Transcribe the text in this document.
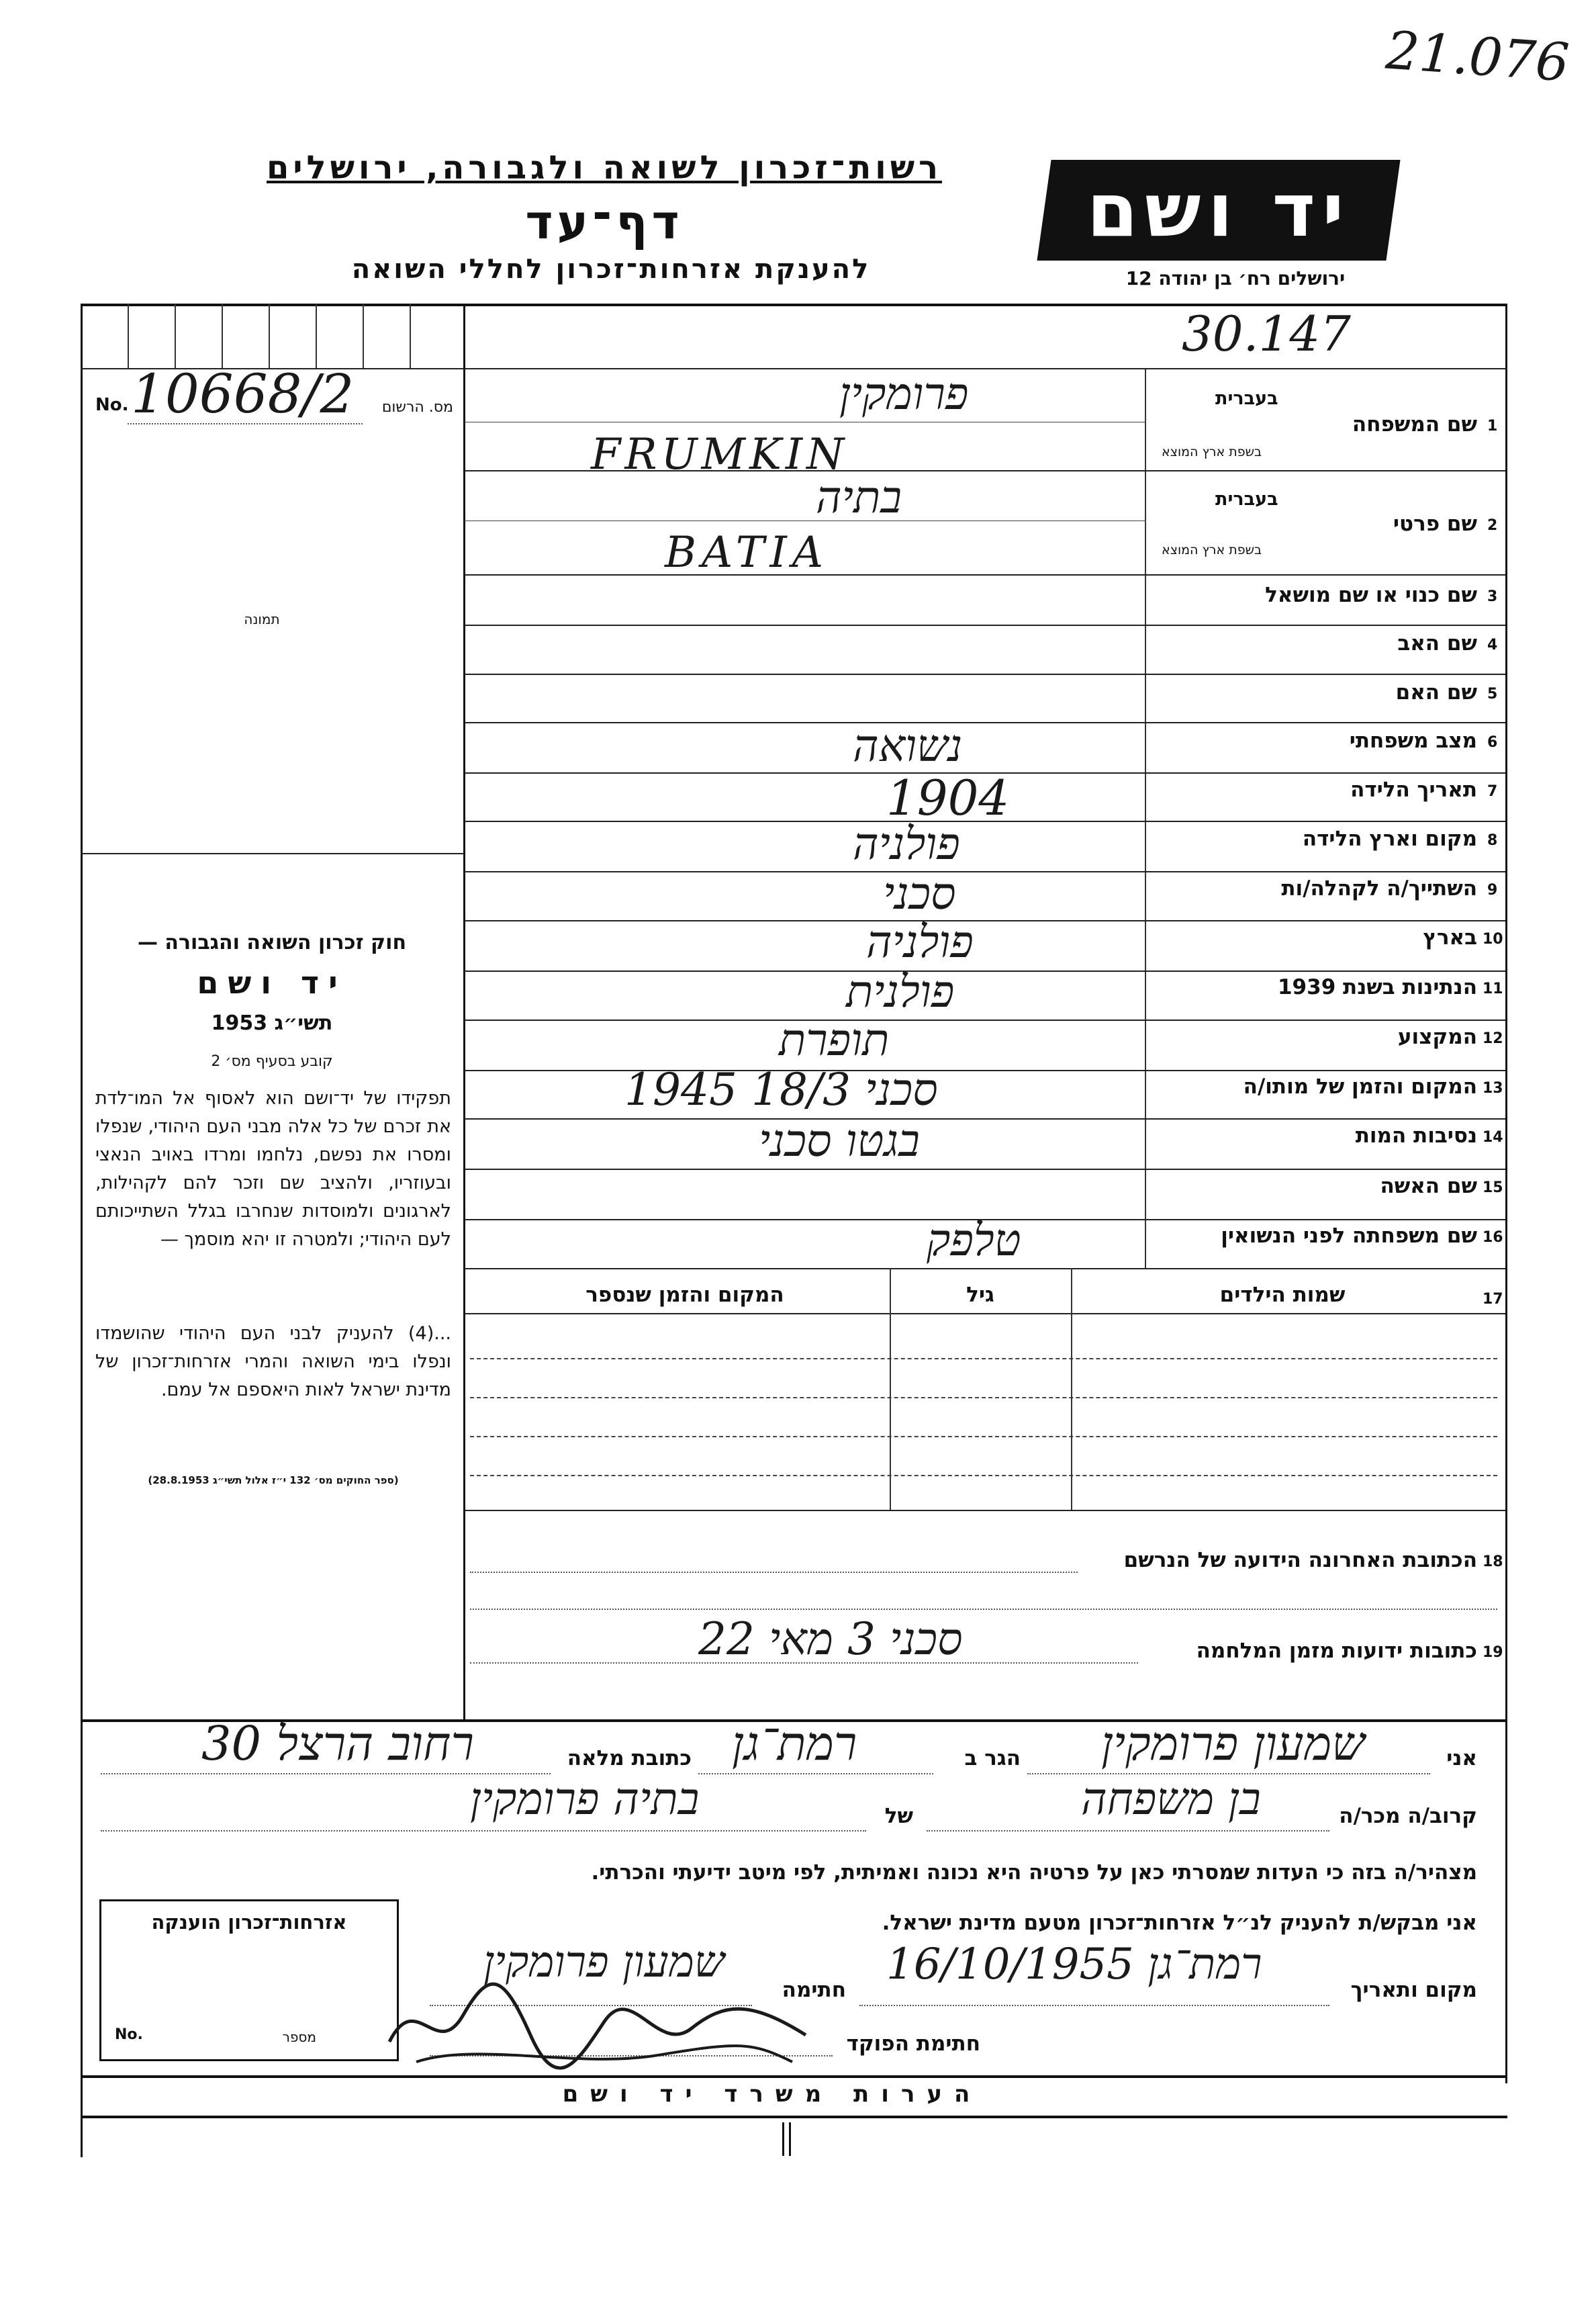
21.076
רשות־זכרון לשואה ולגבורה, ירושלים
דף־עד
להענקת אזרחות־זכרון לחללי השואה
יד ושם
ירושלים רח׳ בן יהודה 12
30.147
No. 10668/2	מס. הרשום
תמונה
בעברית
שם המשפחה 1
בשפת ארץ המוצא
פרומקין
FRUMKIN
בעברית
שם פרטי 2
בשפת ארץ המוצא
בתיה
BATIA
שם כנוי או שם מושאל 3
שם האב 4
שם האם 5
מצב משפחתי 6
נשואה
תאריך הלידה 7
1904
מקום וארץ הלידה 8
פולניה
השתייך/ה לקהלה/ות 9
סכני
בארץ 10
פולניה
הנתינות בשנת 1939 11
פולנית
המקצוע 12
תופרת
המקום והזמן של מותו/ה 13
סכני 18/3 1945
נסיבות המות 14
בגטו סכני
שם האשה 15
שם משפחתה לפני הנשואין 16
טלפק
17
שמות הילדים
גיל
המקום והזמן שנספר
הכתובת האחרונה הידועה של הנרשם 18
כתובות ידועות מזמן המלחמה 19
סכני 3 מאי 22
חוק זכרון השואה והגבורה —
יד ושם
תשי״ג 1953
קובע בסעיף מס׳ 2
תפקידו של יד־ושם הוא לאסוף אל המו־לדת את זכרם של כל אלה מבני העם היהודי, שנפלו ומסרו את נפשם, נלחמו ומרדו באויב הנאצי ובעוזריו, ולהציב שם וזכר להם לקהילות, לארגונים ולמוסדות שנחרבו בגלל השתייכותם לעם היהודי; ולמטרה זו יהא מוסמך —
...(4) להעניק לבני העם היהודי שהושמדו ונפלו בימי השואה והמרי אזרחות־זכרון של מדינת ישראל לאות היאספם אל עמם.
(ספר החוקים מס׳ 132 י״ז אלול תשי״ג 28.8.1953)
אני
שמעון פרומקין
הגר ב
רמת־גן
כתובת מלאה
רחוב הרצל 30
קרוב/ה מכר/ה
בן משפחה
של
בתיה פרומקין
מצהיר/ה בזה כי העדות שמסרתי כאן על פרטיה היא נכונה ואמיתית, לפי מיטב ידיעתי והכרתי.
אני מבקש/ת להעניק לנ״ל אזרחות־זכרון מטעם מדינת ישראל.
אזרחות־זכרון הוענקה
מספר
No.
מקום ותאריך
רמת־גן 16/10/1955
חתימה
שמעון פרומקין
חתימת הפוקד
הערות משרד יד ושם
